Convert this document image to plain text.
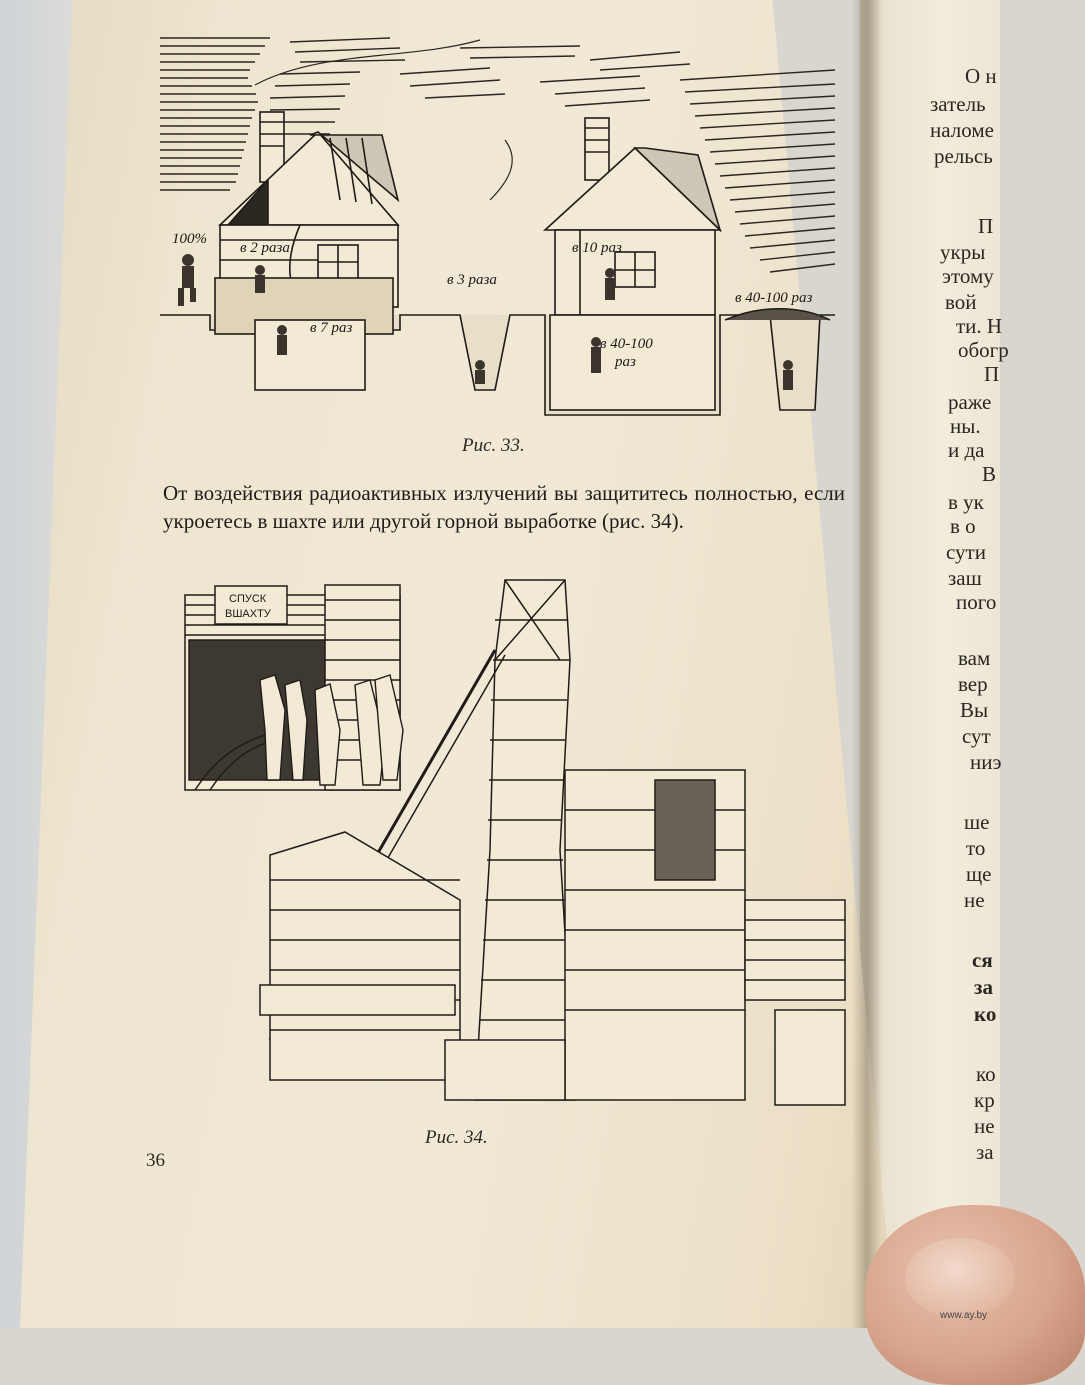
100%
в 2 раза
в 7 раз
в 3 раза
в 10 раз
в 40-100
раз
в 40-100 раз
Рис. 33.
От воздействия радиоактивных излучений вы защититесь полностью, если укроетесь в шахте или другой горной выработке (рис. 34).
СПУСК
ВШАХТУ
Рис. 34.
36
О н
затель
наломе
рельсь
П
укры
этому
вой
ти. Н
обогр
П
раже
ны.
и да
В
в ук
в о
сути
заш
пого
вам
вер
Вы
сут
ниэ
ше
то
ще
не
ся
за
ко
ко
кр
не
за
www.ay.by
